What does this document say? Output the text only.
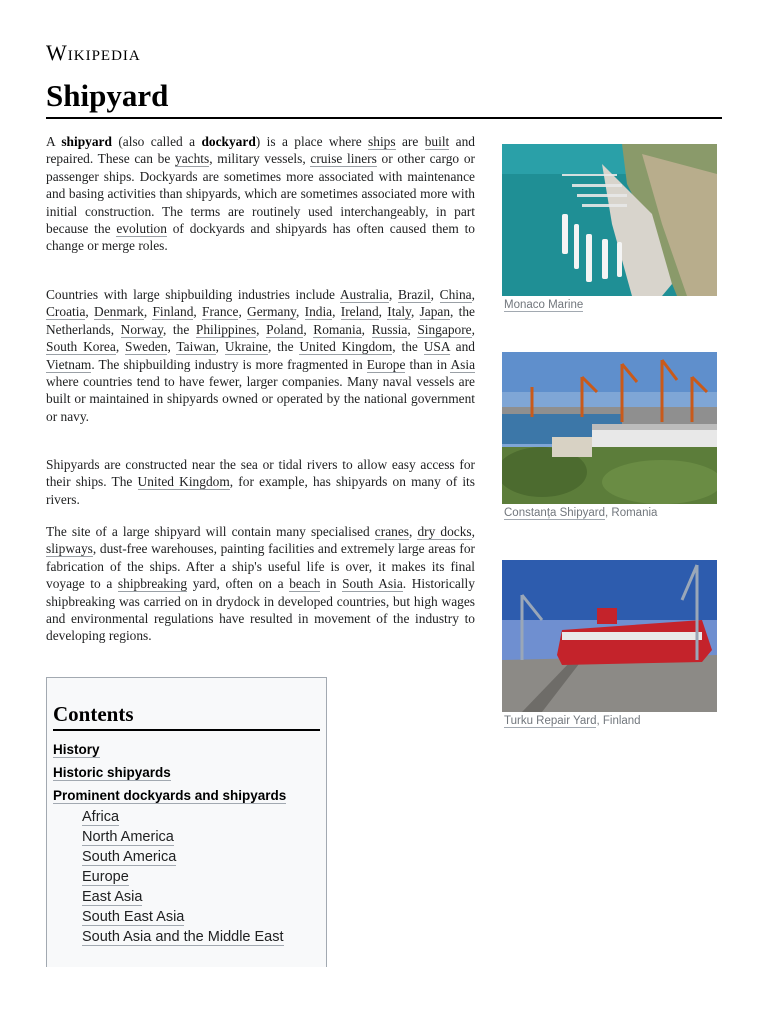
Wikipedia
Shipyard

A shipyard (also called a dockyard) is a place where ships are built and repaired. These can be yachts, military vessels, cruise liners or other cargo or passenger ships. Dockyards are sometimes more associated with maintenance and basing activities than shipyards, which are sometimes associated more with initial construction. The terms are routinely used interchangeably, in part because the evolution of dockyards and shipyards has often caused them to change or merge roles.

Countries with large shipbuilding industries include Australia, Brazil, China, Croatia, Denmark, Finland, France, Germany, India, Ireland, Italy, Japan, the Netherlands, Norway, the Philippines, Poland, Romania, Russia, Singapore, South Korea, Sweden, Taiwan, Ukraine, the United Kingdom, the USA and Vietnam. The shipbuilding industry is more fragmented in Europe than in Asia where countries tend to have fewer, larger companies. Many naval vessels are built or maintained in shipyards owned or operated by the national government or navy.

Shipyards are constructed near the sea or tidal rivers to allow easy access for their ships. The United Kingdom, for example, has shipyards on many of its rivers.

The site of a large shipyard will contain many specialised cranes, dry docks, slipways, dust-free warehouses, painting facilities and extremely large areas for fabrication of the ships. After a ship's useful life is over, it makes its final voyage to a shipbreaking yard, often on a beach in South Asia. Historically shipbreaking was carried on in drydock in developed countries, but high wages and environmental regulations have resulted in movement of the industry to developing regions.

Monaco Marine
Constanța Shipyard, Romania
Turku Repair Yard, Finland
Contents
History
Historic shipyards
Prominent dockyards and shipyards
Africa
North America
South America
Europe
East Asia
South East Asia
South Asia and the Middle East
